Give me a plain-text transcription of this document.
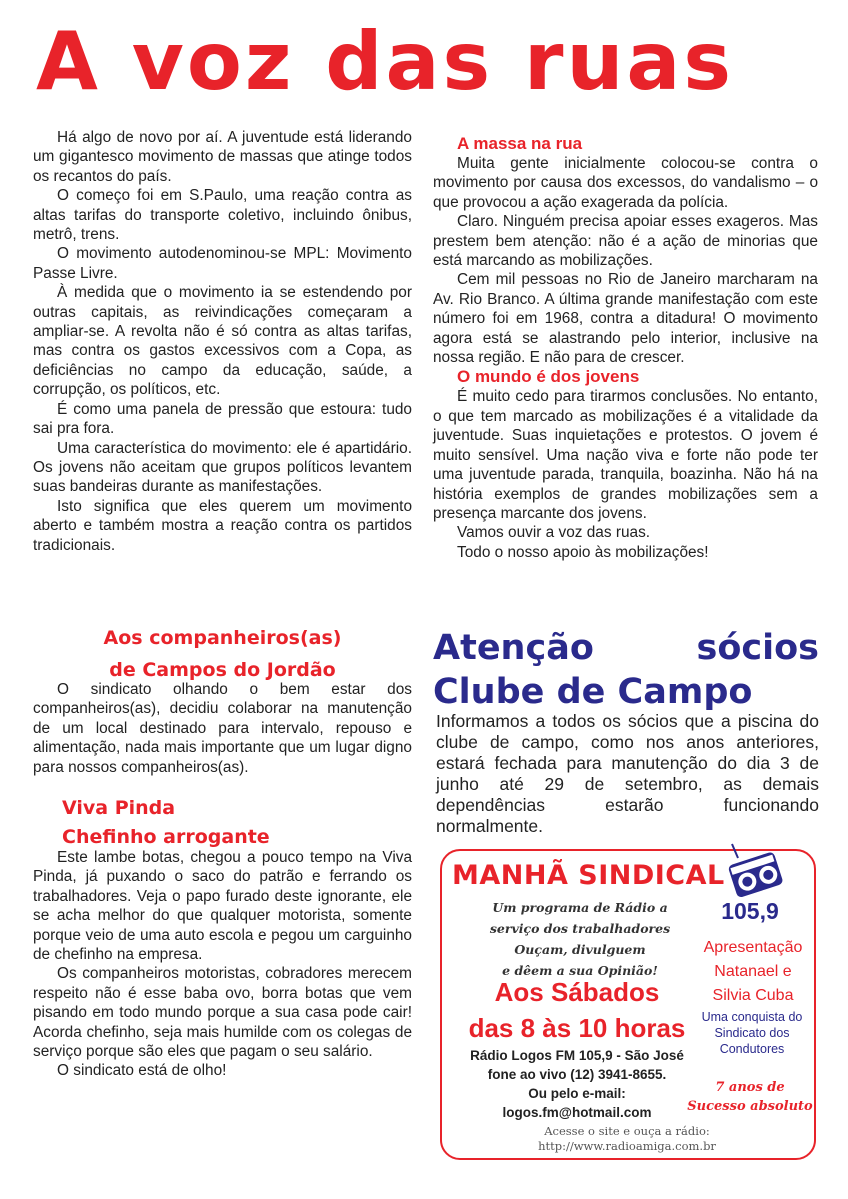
A voz das ruas

Há algo de novo por aí. A juventude está liderando um gigantesco movimento de massas que atinge todos os recantos do país.

O começo foi em S.Paulo, uma reação contra as altas tarifas do transporte coletivo, incluindo ônibus, metrô, trens.

O movimento autodenominou-se MPL: Movimento Passe Livre.

À medida que o movimento ia se estendendo por outras capitais, as reivindicações começaram a ampliar-se. A revolta não é só contra as altas tarifas, mas contra os gastos excessivos com a Copa, as deficiências no campo da educação, saúde, a corrupção, os políticos, etc.

É como uma panela de pressão que estoura: tudo sai pra fora.

Uma característica do movimento: ele é apartidário. Os jovens não aceitam que grupos políticos levantem suas bandeiras durante as manifestações.

Isto significa que eles querem um movimento aberto e também mostra a reação contra os partidos tradicionais.

A massa na rua

Muita gente inicialmente colocou-se contra o movimento por causa dos excessos, do vandalismo – o que provocou a ação exagerada da polícia.

Claro. Ninguém precisa apoiar esses exageros. Mas prestem bem atenção: não é a ação de minorias que está marcando as mobilizações.

Cem mil pessoas no Rio de Janeiro marcharam na Av. Rio Branco. A última grande manifestação com este número foi em 1968, contra a ditadura! O movimento agora está se alastrando pelo interior, inclusive na nossa região. E não para de crescer.

O mundo é dos jovens

É muito cedo para tirarmos conclusões. No entanto, o que tem marcado as mobilizações é a vitalidade da juventude. Suas inquietações e protestos. O jovem é muito sensível. Uma nação viva e forte não pode ter uma juventude parada, tranquila, boazinha. Não há na história exemplos de grandes mobilizações sem a presença marcante dos jovens.

Vamos ouvir a voz das ruas.

Todo o nosso apoio às mobilizações!

Aos companheiros(as)
de Campos do Jordão

O sindicato olhando o bem estar dos companheiros(as), decidiu colaborar na manutenção de um local destinado para intervalo, repouso e alimentação, nada mais importante que um lugar digno para nossos companheiros(as).

Viva Pinda
Chefinho arrogante

Este lambe botas, chegou a pouco tempo na Viva Pinda, já puxando o saco do patrão e ferrando os trabalhadores. Veja o papo furado deste ignorante, ele se acha melhor do que qualquer motorista, somente porque veio de uma auto escola e pegou um carguinho de chefinho na empresa.

Os companheiros motoristas, cobradores merecem respeito não é esse baba ovo, borra botas que vem pisando em todo mundo porque a sua casa pode cair! Acorda chefinho, seja mais humilde com os colegas de serviço porque são eles que pagam o seu salário.

O sindicato está de olho!

Atenção	sócios
Clube de Campo
Informamos a todos os sócios que a piscina do clube de campo, como nos anos anteriores, estará fechada para manutenção do dia 3 de junho até 29 de setembro, as demais dependências estarão funcionando normalmente.
MANHÃ SINDICAL
Um programa de Rádio a
serviço dos trabalhadores
Ouçam, divulguem
e dêem a sua Opinião!
Aos Sábados
das 8 às 10 horas
Rádio Logos FM 105,9 - São José
fone ao vivo (12) 3941-8655.
Ou pelo e-mail:
logos.fm@hotmail.com
Acesse o site e ouça a rádio:
http://www.radioamiga.com.br
105,9
Apresentação
Natanael e
Silvia Cuba
Uma conquista do
Sindicato dos
Condutores
7 anos de
Sucesso absoluto
